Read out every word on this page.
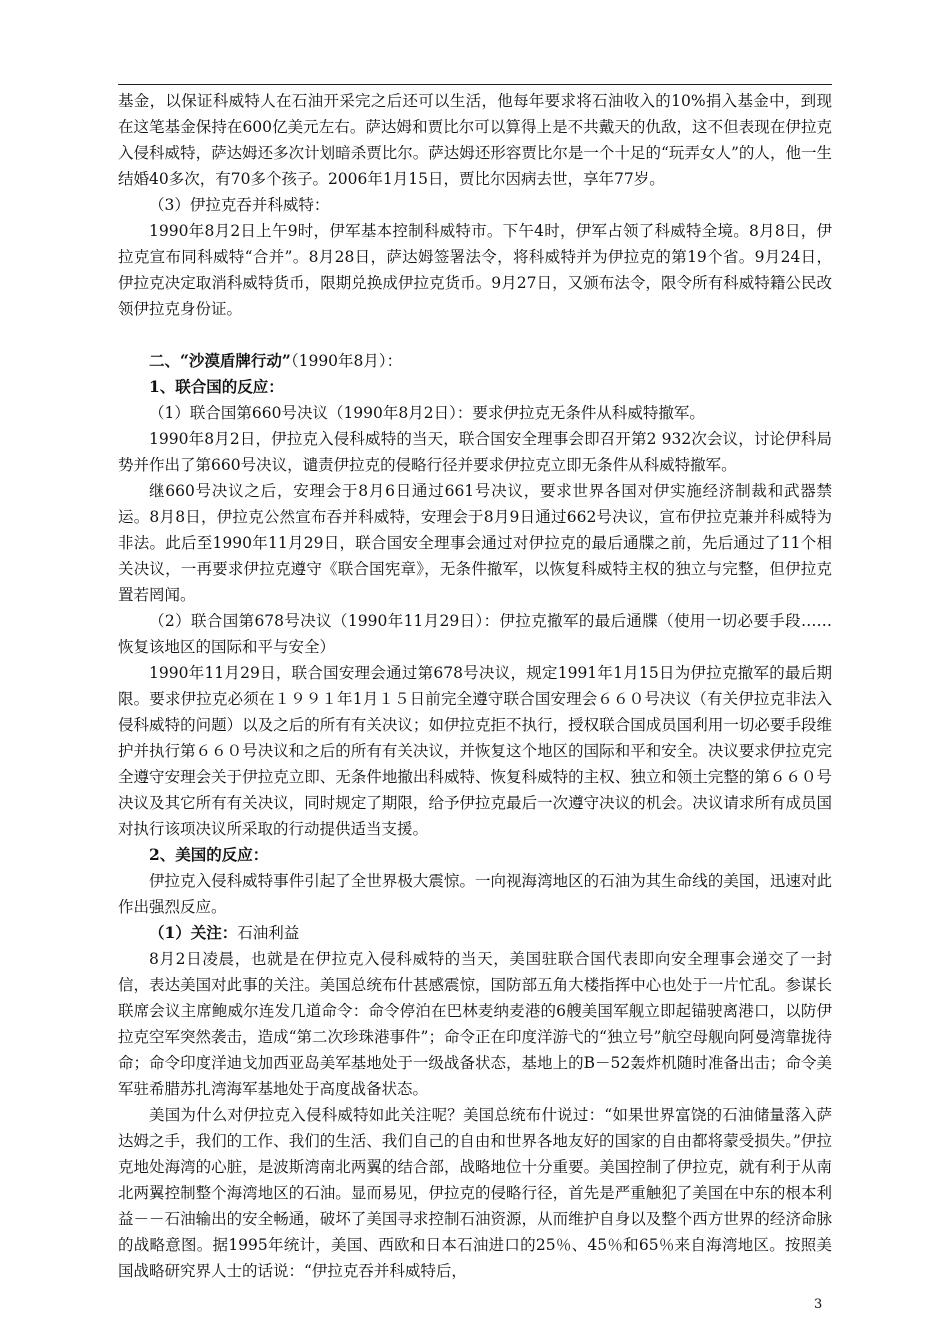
基金，以保证科威特人在石油开采完之后还可以生活，他每年要求将石油收入的10%捐入基金中，到现在这笔基金保持在600亿美元左右。萨达姆和贾比尔可以算得上是不共戴天的仇敌，这不但表现在伊拉克入侵科威特，萨达姆还多次计划暗杀贾比尔。萨达姆还形容贾比尔是一个十足的“玩弄女人”的人，他一生结婚40多次，有70多个孩子。2006年1月15日，贾比尔因病去世，享年77岁。

（3）伊拉克吞并科威特：

1990年8月2日上午9时，伊军基本控制科威特市。下午4时，伊军占领了科威特全境。8月8日，伊拉克宣布同科威特“合并”。8月28日，萨达姆签署法令，将科威特并为伊拉克的第19个省。9月24日，伊拉克决定取消科威特货币，限期兑换成伊拉克货币。9月27日，又颁布法令，限令所有科威特籍公民改领伊拉克身份证。

二、“沙漠盾牌行动”（1990年8月）：

1、联合国的反应：

（1）联合国第660号决议（1990年8月2日）：要求伊拉克无条件从科威特撤军。

1990年8月2日，伊拉克入侵科威特的当天，联合国安全理事会即召开第2 932次会议，讨论伊科局势并作出了第660号决议，谴责伊拉克的侵略行径并要求伊拉克立即无条件从科威特撤军。

继660号决议之后，安理会于8月6日通过661号决议，要求世界各国对伊实施经济制裁和武器禁运。8月8日，伊拉克公然宣布吞并科威特，安理会于8月9日通过662号决议，宣布伊拉克兼并科威特为非法。此后至1990年11月29日，联合国安全理事会通过对伊拉克的最后通牒之前，先后通过了11个相关决议，一再要求伊拉克遵守《联合国宪章》，无条件撤军，以恢复科威特主权的独立与完整，但伊拉克置若罔闻。

（2）联合国第678号决议（1990年11月29日）：伊拉克撤军的最后通牒（使用一切必要手段……恢复该地区的国际和平与安全）

1990年11月29日，联合国安理会通过第678号决议，规定1991年1月15日为伊拉克撤军的最后期限。要求伊拉克必须在１９９１年1月１５日前完全遵守联合国安理会６６０号决议（有关伊拉克非法入侵科威特的问题）以及之后的所有有关决议；如伊拉克拒不执行，授权联合国成员国利用一切必要手段维护并执行第６６０号决议和之后的所有有关决议，并恢复这个地区的国际和平和安全。决议要求伊拉克完全遵守安理会关于伊拉克立即、无条件地撤出科威特、恢复科威特的主权、独立和领土完整的第６６０号决议及其它所有有关决议，同时规定了期限，给予伊拉克最后一次遵守决议的机会。决议请求所有成员国对执行该项决议所采取的行动提供适当支援。

2、美国的反应：

伊拉克入侵科威特事件引起了全世界极大震惊。一向视海湾地区的石油为其生命线的美国，迅速对此作出强烈反应。

（1）关注：石油利益

8月2日凌晨，也就是在伊拉克入侵科威特的当天，美国驻联合国代表即向安全理事会递交了一封信，表达美国对此事的关注。美国总统布什甚感震惊，国防部五角大楼指挥中心也处于一片忙乱。参谋长联席会议主席鲍威尔连发几道命令：命令停泊在巴林麦纳麦港的6艘美国军舰立即起锚驶离港口，以防伊拉克空军突然袭击，造成“第二次珍珠港事件”；命令正在印度洋游弋的“独立号”航空母舰向阿曼湾靠拢待命；命令印度洋迪戈加西亚岛美军基地处于一级战备状态，基地上的B－52轰炸机随时准备出击；命令美军驻希腊苏扎湾海军基地处于高度战备状态。

美国为什么对伊拉克入侵科威特如此关注呢？美国总统布什说过：“如果世界富饶的石油储量落入萨达姆之手，我们的工作、我们的生活、我们自己的自由和世界各地友好的国家的自由都将蒙受损失。”伊拉克地处海湾的心脏，是波斯湾南北两翼的结合部，战略地位十分重要。美国控制了伊拉克，就有利于从南北两翼控制整个海湾地区的石油。显而易见，伊拉克的侵略行径，首先是严重触犯了美国在中东的根本利益－－石油输出的安全畅通，破坏了美国寻求控制石油资源，从而维护自身以及整个西方世界的经济命脉的战略意图。据1995年统计，美国、西欧和日本石油进口的25％、45％和65％来自海湾地区。按照美国战略研究界人士的话说：“伊拉克吞并科威特后，

3
